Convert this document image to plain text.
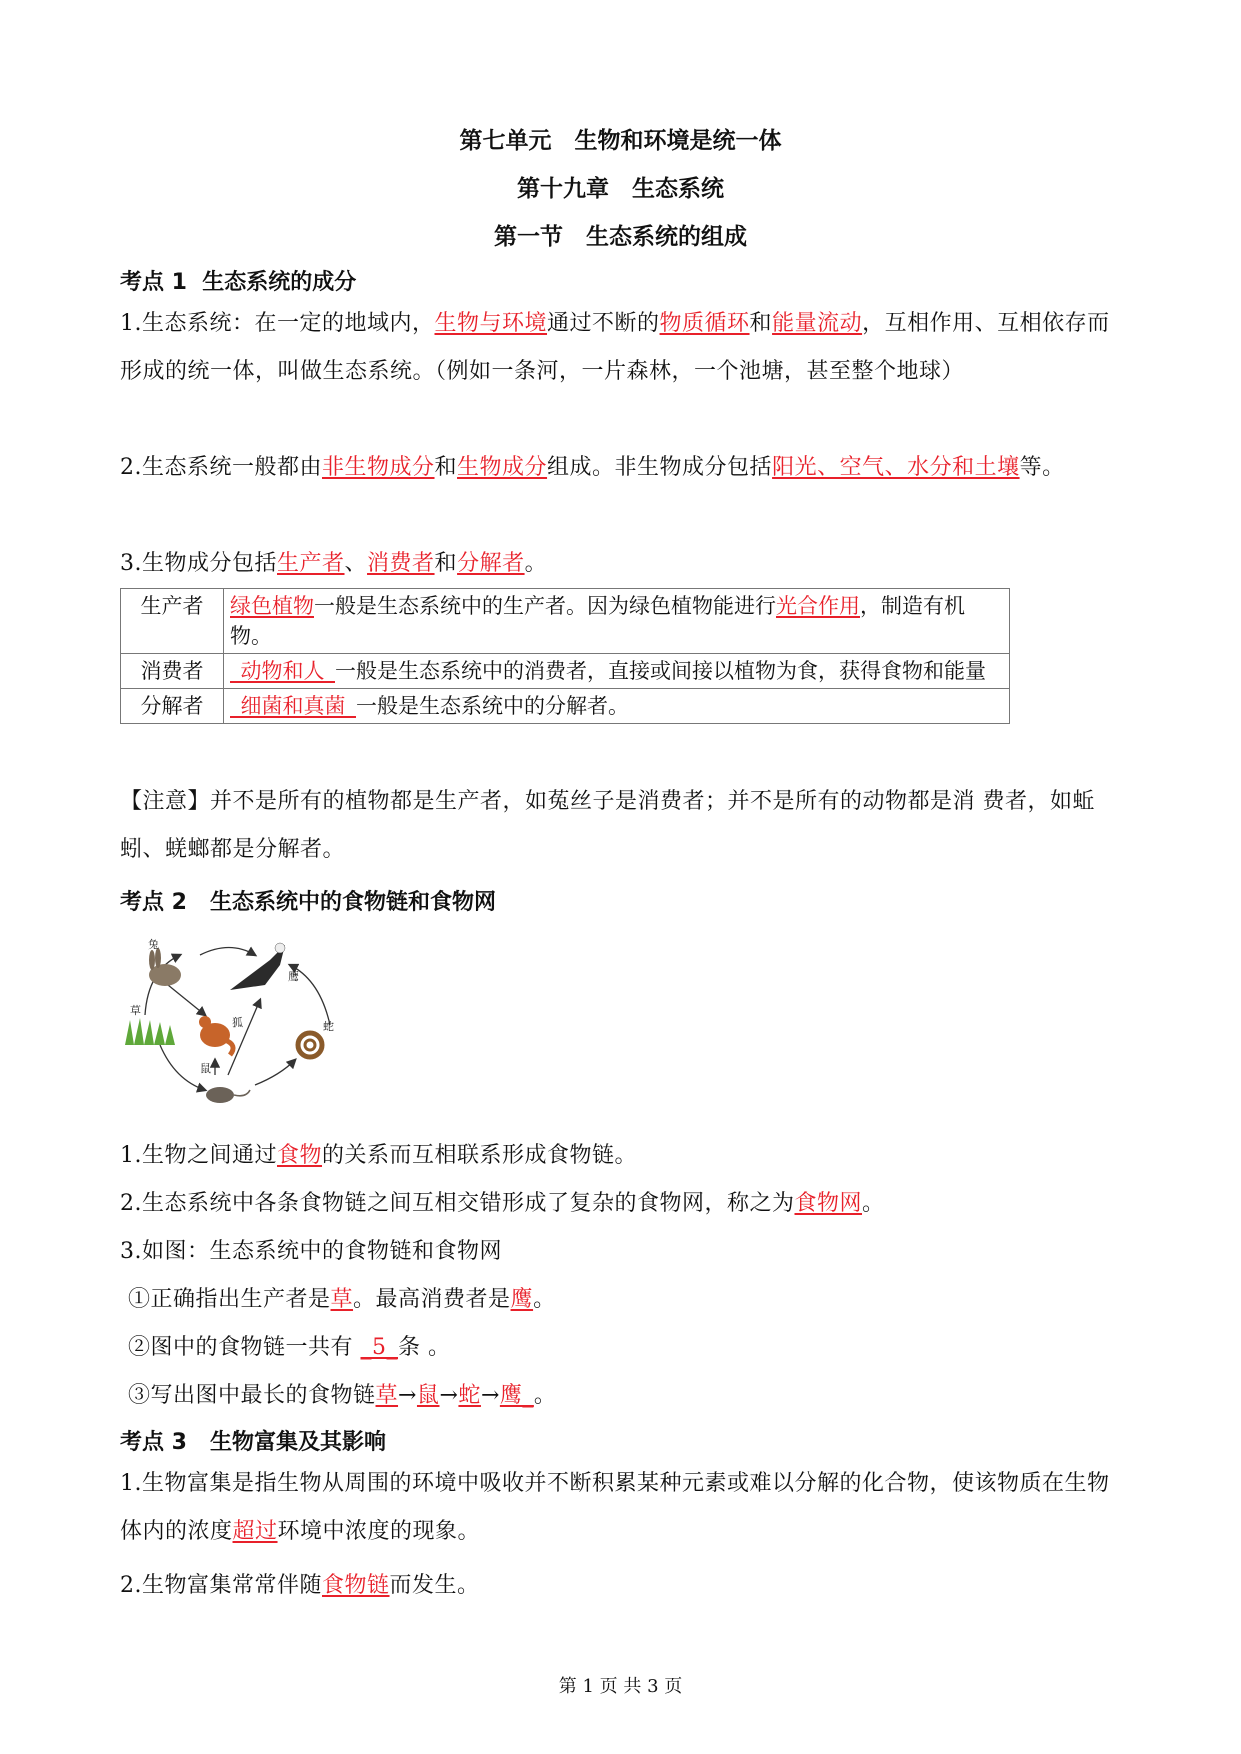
第七单元　生物和环境是统一体
第十九章　生态系统
第一节　生态系统的组成
考点 1  生态系统的成分
1.生态系统：在一定的地域内，生物与环境通过不断的物质循环和能量流动，互相作用、互相依存而形成的统一体，叫做生态系统。（例如一条河，一片森林，一个池塘，甚至整个地球）
2.生态系统一般都由非生物成分和生物成分组成。非生物成分包括阳光、空气、水分和土壤等。
3.生物成分包括生产者、消费者和分解者。
生产者	绿色植物一般是生态系统中的生产者。因为绿色植物能进行光合作用，制造有机物。
消费者	_动物和人_一般是生态系统中的消费者，直接或间接以植物为食，获得食物和能量
分解者	_细菌和真菌_一般是生态系统中的分解者。
【注意】并不是所有的植物都是生产者，如菟丝子是消费者；并不是所有的动物都是消 费者，如蚯蚓、蜣螂都是分解者。
考点 2   生态系统中的食物链和食物网
兔
鹰
草
狐
鼠
蛇
1.生物之间通过食物的关系而互相联系形成食物链。
2.生态系统中各条食物链之间互相交错形成了复杂的食物网，称之为食物网。
3.如图：生态系统中的食物链和食物网
①正确指出生产者是草。最高消费者是鹰。
②图中的食物链一共有 _5_条 。
③写出图中最长的食物链草→鼠→蛇→鹰_。
考点 3   生物富集及其影响
1.生物富集是指生物从周围的环境中吸收并不断积累某种元素或难以分解的化合物，使该物质在生物体内的浓度超过环境中浓度的现象。
2.生物富集常常伴随食物链而发生。
第 1 页 共 3 页
